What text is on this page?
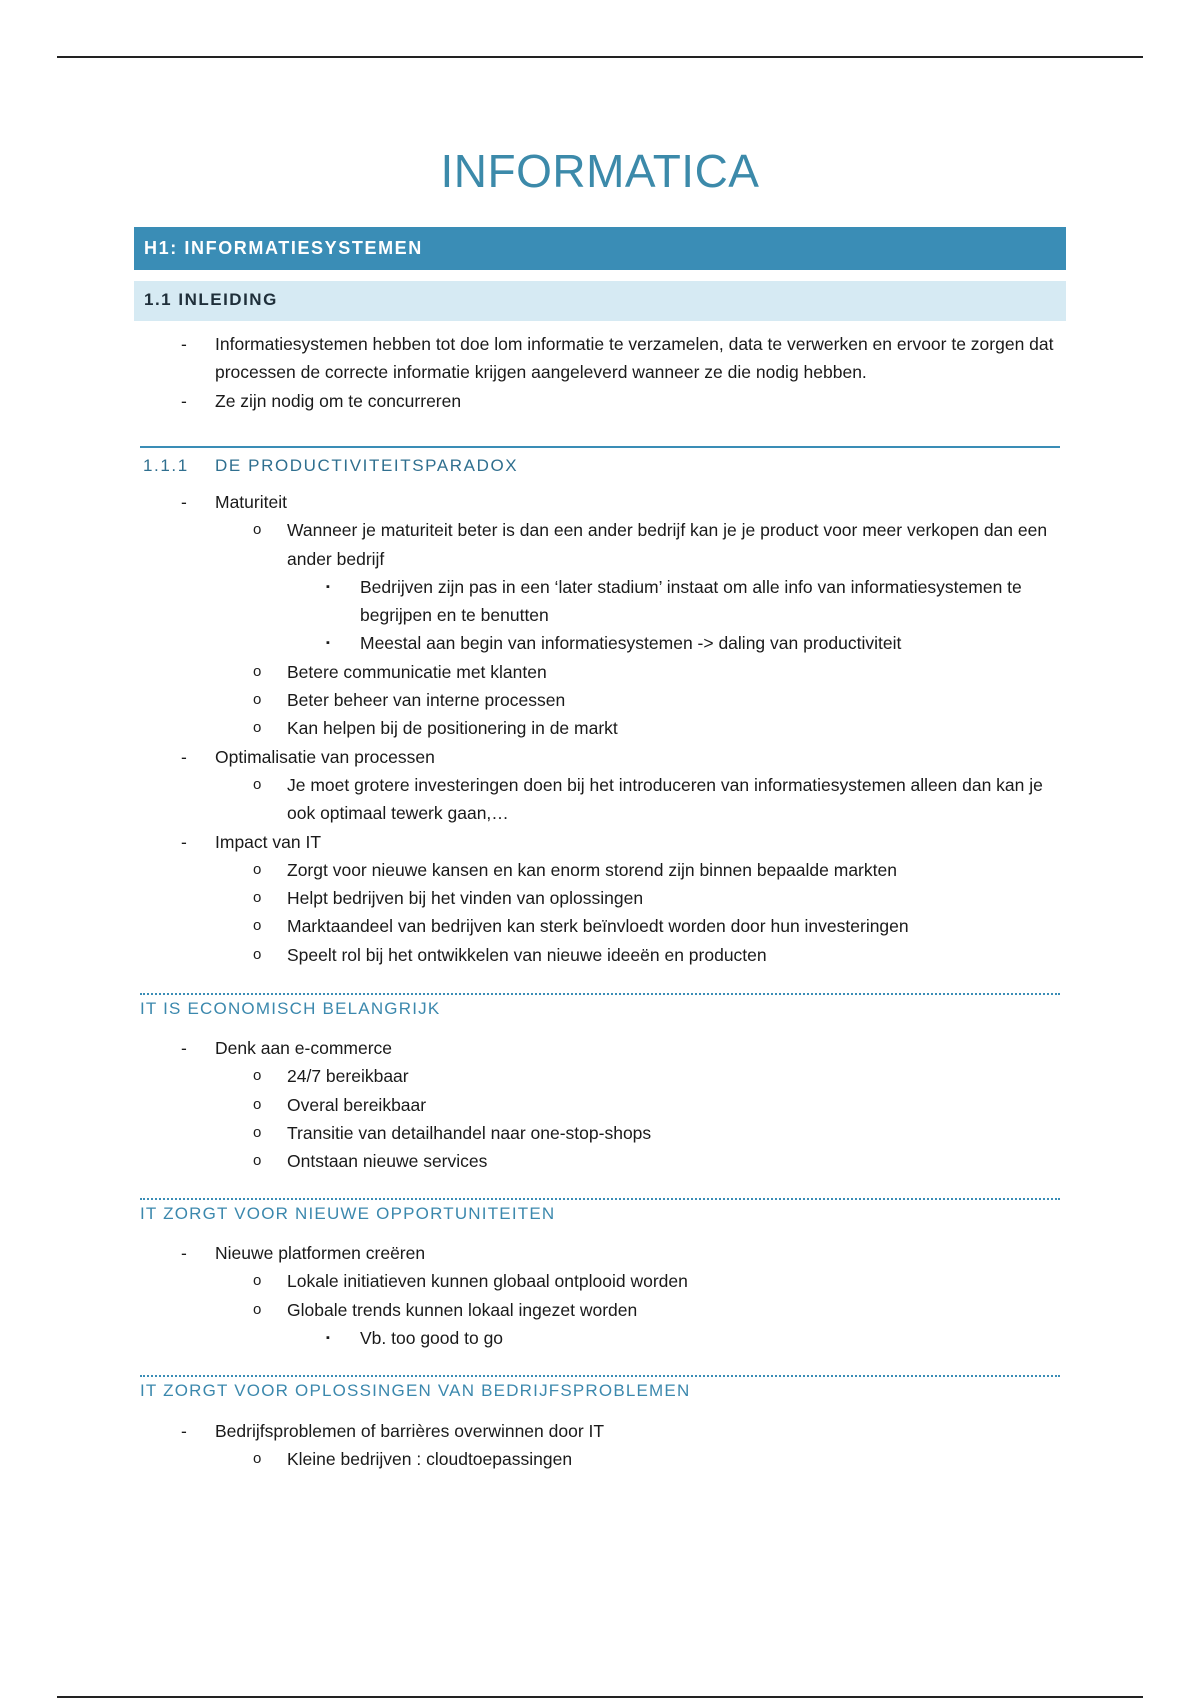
INFORMATICA
H1: INFORMATIESYSTEMEN
1.1 INLEIDING
- Informatiesystemen hebben tot doe lom informatie te verzamelen, data te verwerken en ervoor te zorgen dat processen de correcte informatie krijgen aangeleverd wanneer ze die nodig hebben.
- Ze zijn nodig om te concurreren
1.1.1 DE PRODUCTIVITEITSPARADOX
- Maturiteit
o Wanneer je maturiteit beter is dan een ander bedrijf kan je je product voor meer verkopen dan een ander bedrijf
▪ Bedrijven zijn pas in een ‘later stadium’ instaat om alle info van informatiesystemen te begrijpen en te benutten
▪ Meestal aan begin van informatiesystemen -> daling van productiviteit
o Betere communicatie met klanten
o Beter beheer van interne processen
o Kan helpen bij de positionering in de markt
- Optimalisatie van processen
o Je moet grotere investeringen doen bij het introduceren van informatiesystemen alleen dan kan je ook optimaal tewerk gaan,…
- Impact van IT
o Zorgt voor nieuwe kansen en kan enorm storend zijn binnen bepaalde markten
o Helpt bedrijven bij het vinden van oplossingen
o Marktaandeel van bedrijven kan sterk beïnvloedt worden door hun investeringen
o Speelt rol bij het ontwikkelen van nieuwe ideeën en producten
IT IS ECONOMISCH BELANGRIJK
- Denk aan e-commerce
o 24/7 bereikbaar
o Overal bereikbaar
o Transitie van detailhandel naar one-stop-shops
o Ontstaan nieuwe services
IT ZORGT VOOR NIEUWE OPPORTUNITEITEN
- Nieuwe platformen creëren
o Lokale initiatieven kunnen globaal ontplooid worden
o Globale trends kunnen lokaal ingezet worden
▪ Vb. too good to go
IT ZORGT VOOR OPLOSSINGEN VAN BEDRIJFSPROBLEMEN
- Bedrijfsproblemen of barrières overwinnen door IT
o Kleine bedrijven : cloudtoepassingen
